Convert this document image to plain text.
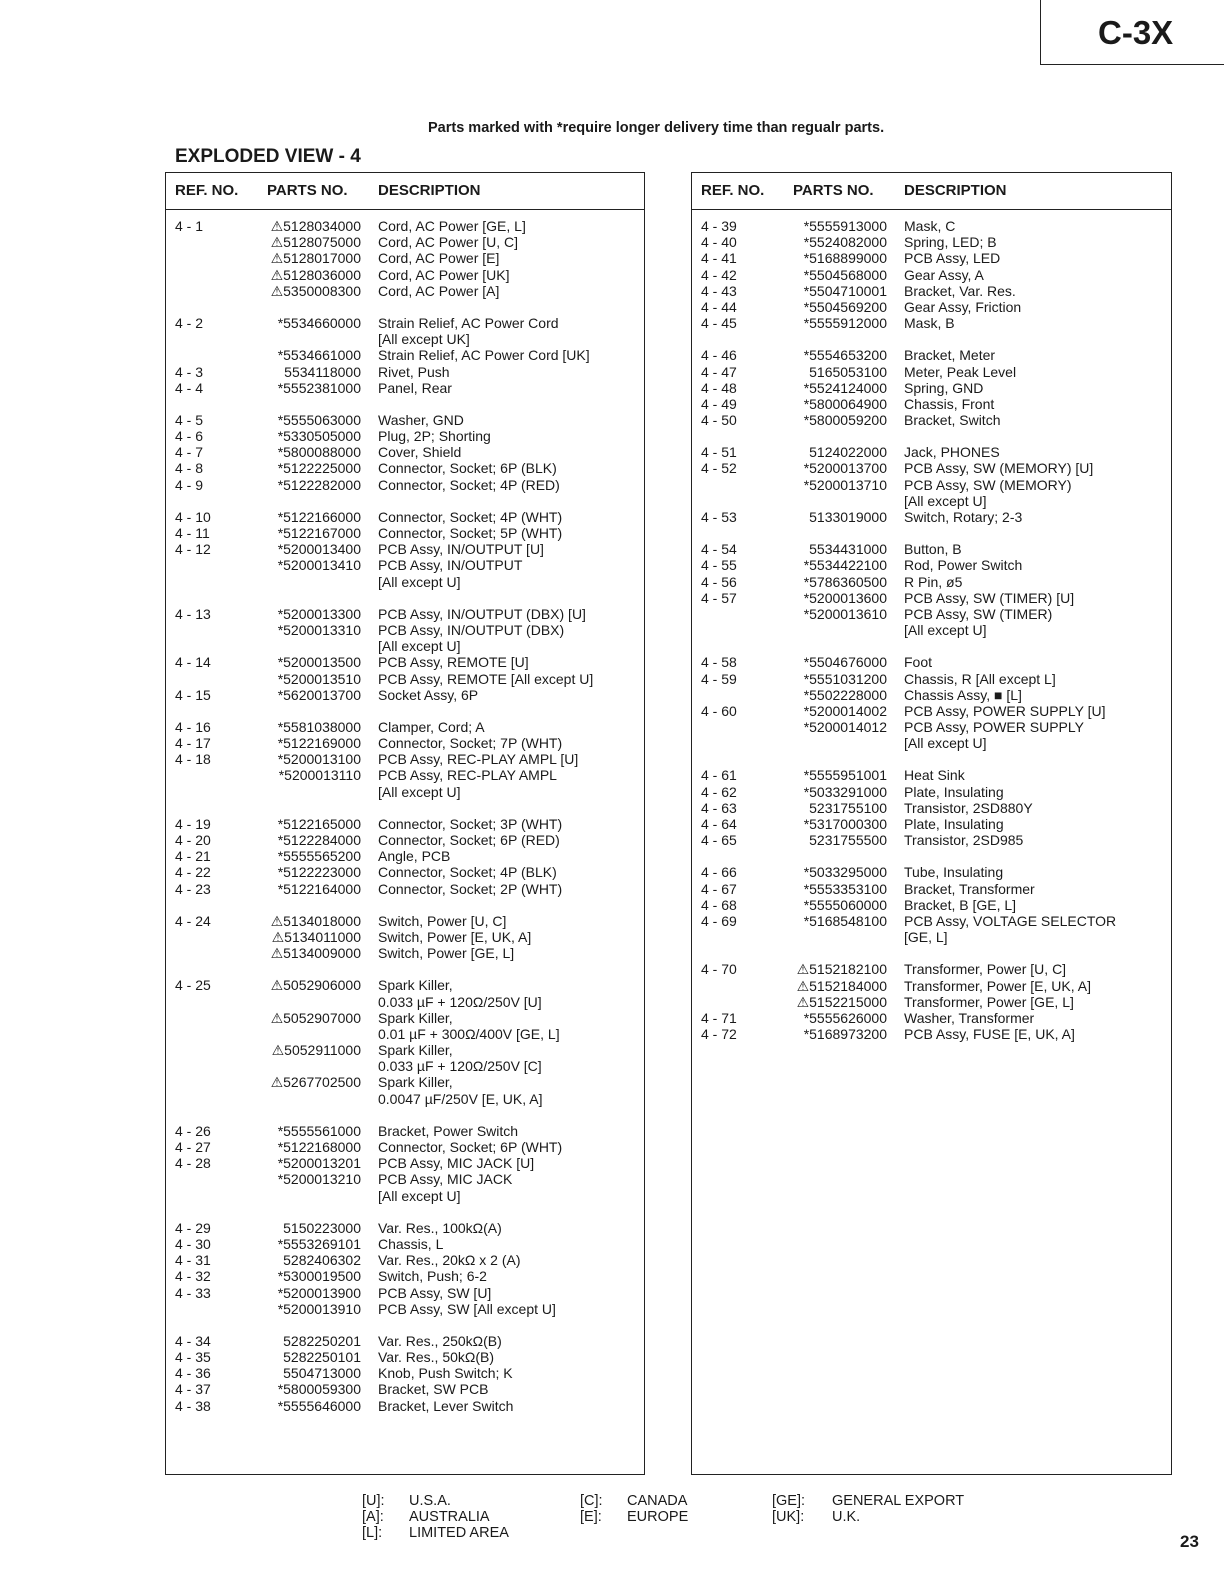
C-3X
Parts marked with *require longer delivery time than regualr parts.
EXPLODED VIEW - 4
REF. NO. PARTS NO. DESCRIPTION
4 - 1	⚠5128034000 Cord, AC Power [GE, L]
⚠5128075000 Cord, AC Power [U, C]
⚠5128017000 Cord, AC Power [E]
⚠5128036000 Cord, AC Power [UK]
⚠5350008300 Cord, AC Power [A]
4 - 2	*5534660000 Strain Relief, AC Power Cord
[All except UK]
*5534661000 Strain Relief, AC Power Cord [UK]
4 - 3	5534118000 Rivet, Push
4 - 4	*5552381000 Panel, Rear
4 - 5	*5555063000 Washer, GND
4 - 6	*5330505000 Plug, 2P; Shorting
4 - 7	*5800088000 Cover, Shield
4 - 8	*5122225000 Connector, Socket; 6P (BLK)
4 - 9	*5122282000 Connector, Socket; 4P (RED)
4 - 10	*5122166000 Connector, Socket; 4P (WHT)
4 - 11	*5122167000 Connector, Socket; 5P (WHT)
4 - 12	*5200013400 PCB Assy, IN/OUTPUT [U]
*5200013410 PCB Assy, IN/OUTPUT
[All except U]
4 - 13	*5200013300 PCB Assy, IN/OUTPUT (DBX) [U]
*5200013310 PCB Assy, IN/OUTPUT (DBX)
[All except U]
4 - 14	*5200013500 PCB Assy, REMOTE [U]
*5200013510 PCB Assy, REMOTE [All except U]
4 - 15	*5620013700 Socket Assy, 6P
4 - 16	*5581038000 Clamper, Cord; A
4 - 17	*5122169000 Connector, Socket; 7P (WHT)
4 - 18	*5200013100 PCB Assy, REC-PLAY AMPL [U]
*5200013110 PCB Assy, REC-PLAY AMPL
[All except U]
4 - 19	*5122165000 Connector, Socket; 3P (WHT)
4 - 20	*5122284000 Connector, Socket; 6P (RED)
4 - 21	*5555565200 Angle, PCB
4 - 22	*5122223000 Connector, Socket; 4P (BLK)
4 - 23	*5122164000 Connector, Socket; 2P (WHT)
4 - 24	⚠5134018000 Switch, Power [U, C]
⚠5134011000 Switch, Power [E, UK, A]
⚠5134009000 Switch, Power [GE, L]
4 - 25	⚠5052906000 Spark Killer,
0.033 µF + 120Ω/250V [U]
⚠5052907000 Spark Killer,
0.01 µF + 300Ω/400V [GE, L]
⚠5052911000 Spark Killer,
0.033 µF + 120Ω/250V [C]
⚠5267702500 Spark Killer,
0.0047 µF/250V [E, UK, A]
4 - 26	*5555561000 Bracket, Power Switch
4 - 27	*5122168000 Connector, Socket; 6P (WHT)
4 - 28	*5200013201 PCB Assy, MIC JACK [U]
*5200013210 PCB Assy, MIC JACK
[All except U]
4 - 29	5150223000 Var. Res., 100kΩ(A)
4 - 30	*5553269101 Chassis, L
4 - 31	5282406302 Var. Res., 20kΩ x 2 (A)
4 - 32	*5300019500 Switch, Push; 6-2
4 - 33	*5200013900 PCB Assy, SW [U]
*5200013910 PCB Assy, SW [All except U]
4 - 34	5282250201 Var. Res., 250kΩ(B)
4 - 35	5282250101 Var. Res., 50kΩ(B)
4 - 36	5504713000 Knob, Push Switch; K
4 - 37	*5800059300 Bracket, SW PCB
4 - 38	*5555646000 Bracket, Lever Switch
REF. NO. PARTS NO. DESCRIPTION
4 - 39	*5555913000 Mask, C
4 - 40	*5524082000 Spring, LED; B
4 - 41	*5168899000 PCB Assy, LED
4 - 42	*5504568000 Gear Assy, A
4 - 43	*5504710001 Bracket, Var. Res.
4 - 44	*5504569200 Gear Assy, Friction
4 - 45	*5555912000 Mask, B
4 - 46	*5554653200 Bracket, Meter
4 - 47	5165053100 Meter, Peak Level
4 - 48	*5524124000 Spring, GND
4 - 49	*5800064900 Chassis, Front
4 - 50	*5800059200 Bracket, Switch
4 - 51	5124022000 Jack, PHONES
4 - 52	*5200013700 PCB Assy, SW (MEMORY) [U]
*5200013710 PCB Assy, SW (MEMORY)
[All except U]
4 - 53	5133019000 Switch, Rotary; 2-3
4 - 54	5534431000 Button, B
4 - 55	*5534422100 Rod, Power Switch
4 - 56	*5786360500 R Pin, ø5
4 - 57	*5200013600 PCB Assy, SW (TIMER) [U]
*5200013610 PCB Assy, SW (TIMER)
[All except U]
4 - 58	*5504676000 Foot
4 - 59	*5551031200 Chassis, R [All except L]
*5502228000 Chassis Assy, ■ [L]
4 - 60	*5200014002 PCB Assy, POWER SUPPLY [U]
*5200014012 PCB Assy, POWER SUPPLY
[All except U]
4 - 61	*5555951001 Heat Sink
4 - 62	*5033291000 Plate, Insulating
4 - 63	5231755100 Transistor, 2SD880Y
4 - 64	*5317000300 Plate, Insulating
4 - 65	5231755500 Transistor, 2SD985
4 - 66	*5033295000 Tube, Insulating
4 - 67	*5553353100 Bracket, Transformer
4 - 68	*5555060000 Bracket, B [GE, L]
4 - 69	*5168548100 PCB Assy, VOLTAGE SELECTOR
[GE, L]
4 - 70	⚠5152182100 Transformer, Power [U, C]
⚠5152184000 Transformer, Power [E, UK, A]
⚠5152215000 Transformer, Power [GE, L]
4 - 71	*5555626000 Washer, Transformer
4 - 72	*5168973200 PCB Assy, FUSE [E, UK, A]
[U]: U.S.A.
[A]: AUSTRALIA
[L]: LIMITED AREA
[C]: CANADA
[E]: EUROPE
[GE]: GENERAL EXPORT
[UK]: U.K.
23
